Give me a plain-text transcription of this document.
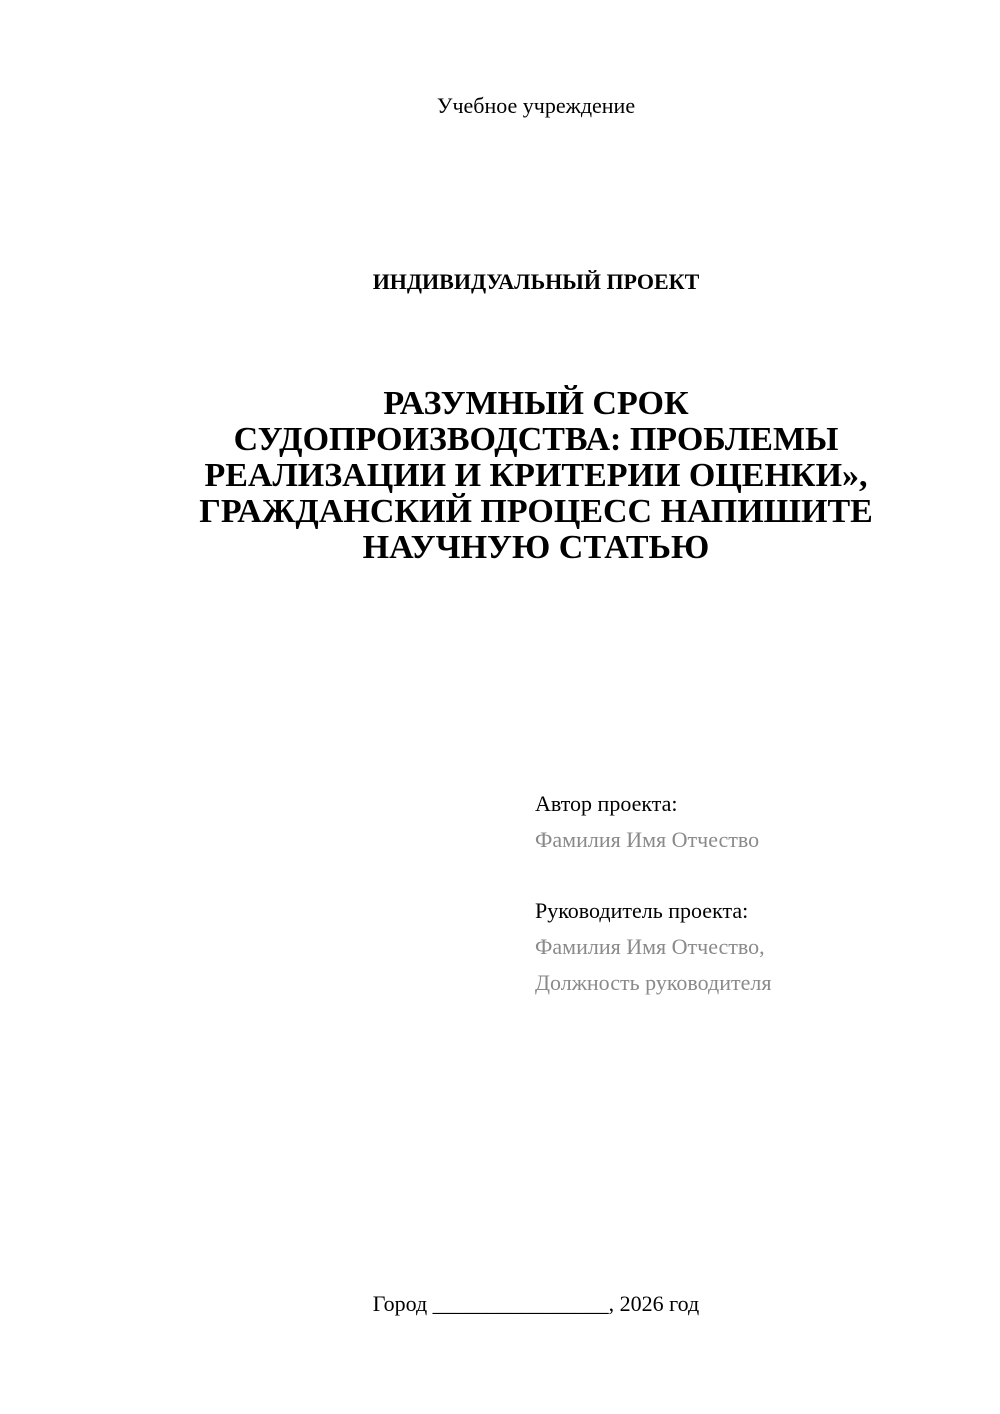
Учебное учреждение
ИНДИВИДУАЛЬНЫЙ ПРОЕКТ
РАЗУМНЫЙ СРОК
СУДОПРОИЗВОДСТВА: ПРОБЛЕМЫ
РЕАЛИЗАЦИИ И КРИТЕРИИ ОЦЕНКИ»,
ГРАЖДАНСКИЙ ПРОЦЕСС НАПИШИТЕ
НАУЧНУЮ СТАТЬЮ
Автор проекта:
Фамилия Имя Отчество
Руководитель проекта:
Фамилия Имя Отчество,
Должность руководителя
Город ________________, 2026 год
